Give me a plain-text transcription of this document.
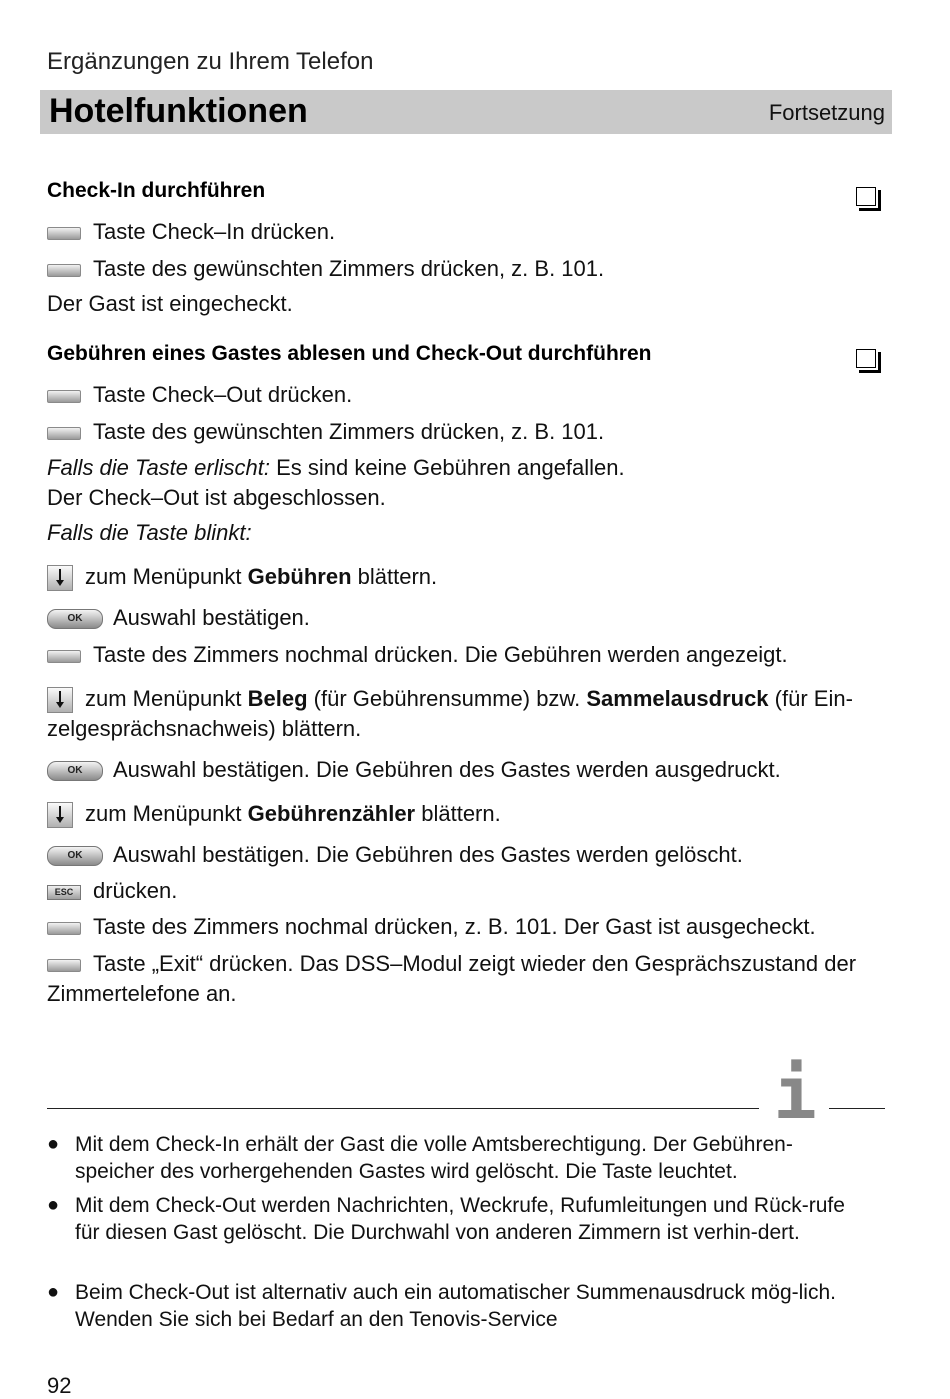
Ergänzungen zu Ihrem Telefon
Hotelfunktionen	Fortsetzung
Check-In durchführen
Taste Check–In drücken.
Taste des gewünschten Zimmers drücken, z. B. 101.
Der Gast ist eingecheckt.
Gebühren eines Gastes ablesen und Check-Out durchführen
Taste Check–Out drücken.
Taste des gewünschten Zimmers drücken, z. B. 101.
Falls die Taste erlischt: Es sind keine Gebühren angefallen.
Der Check–Out ist abgeschlossen.
Falls die Taste blinkt:
zum Menüpunkt Gebühren blättern.
OK Auswahl bestätigen.
Taste des Zimmers nochmal drücken. Die Gebühren werden angezeigt.
zum Menüpunkt Beleg (für Gebührensumme) bzw. Sammelausdruck (für Ein-zelgesprächsnachweis) blättern.
OK Auswahl bestätigen. Die Gebühren des Gastes werden ausgedruckt.
zum Menüpunkt Gebührenzähler blättern.
OK Auswahl bestätigen. Die Gebühren des Gastes werden gelöscht.
ESC drücken.
Taste des Zimmers nochmal drücken, z. B. 101. Der Gast ist ausgecheckt.
Taste „Exit“ drücken. Das DSS–Modul zeigt wieder den Gesprächszustand der Zimmertelefone an.
i
● Mit dem Check-In erhält der Gast die volle Amtsberechtigung. Der Gebühren-speicher des vorhergehenden Gastes wird gelöscht. Die Taste leuchtet.
● Mit dem Check-Out werden Nachrichten, Weckrufe, Rufumleitungen und Rück-rufe für diesen Gast gelöscht. Die Durchwahl von anderen Zimmern ist verhin-dert.
● Beim Check-Out ist alternativ auch ein automatischer Summenausdruck mög-lich. Wenden Sie sich bei Bedarf an den Tenovis-Service
92
